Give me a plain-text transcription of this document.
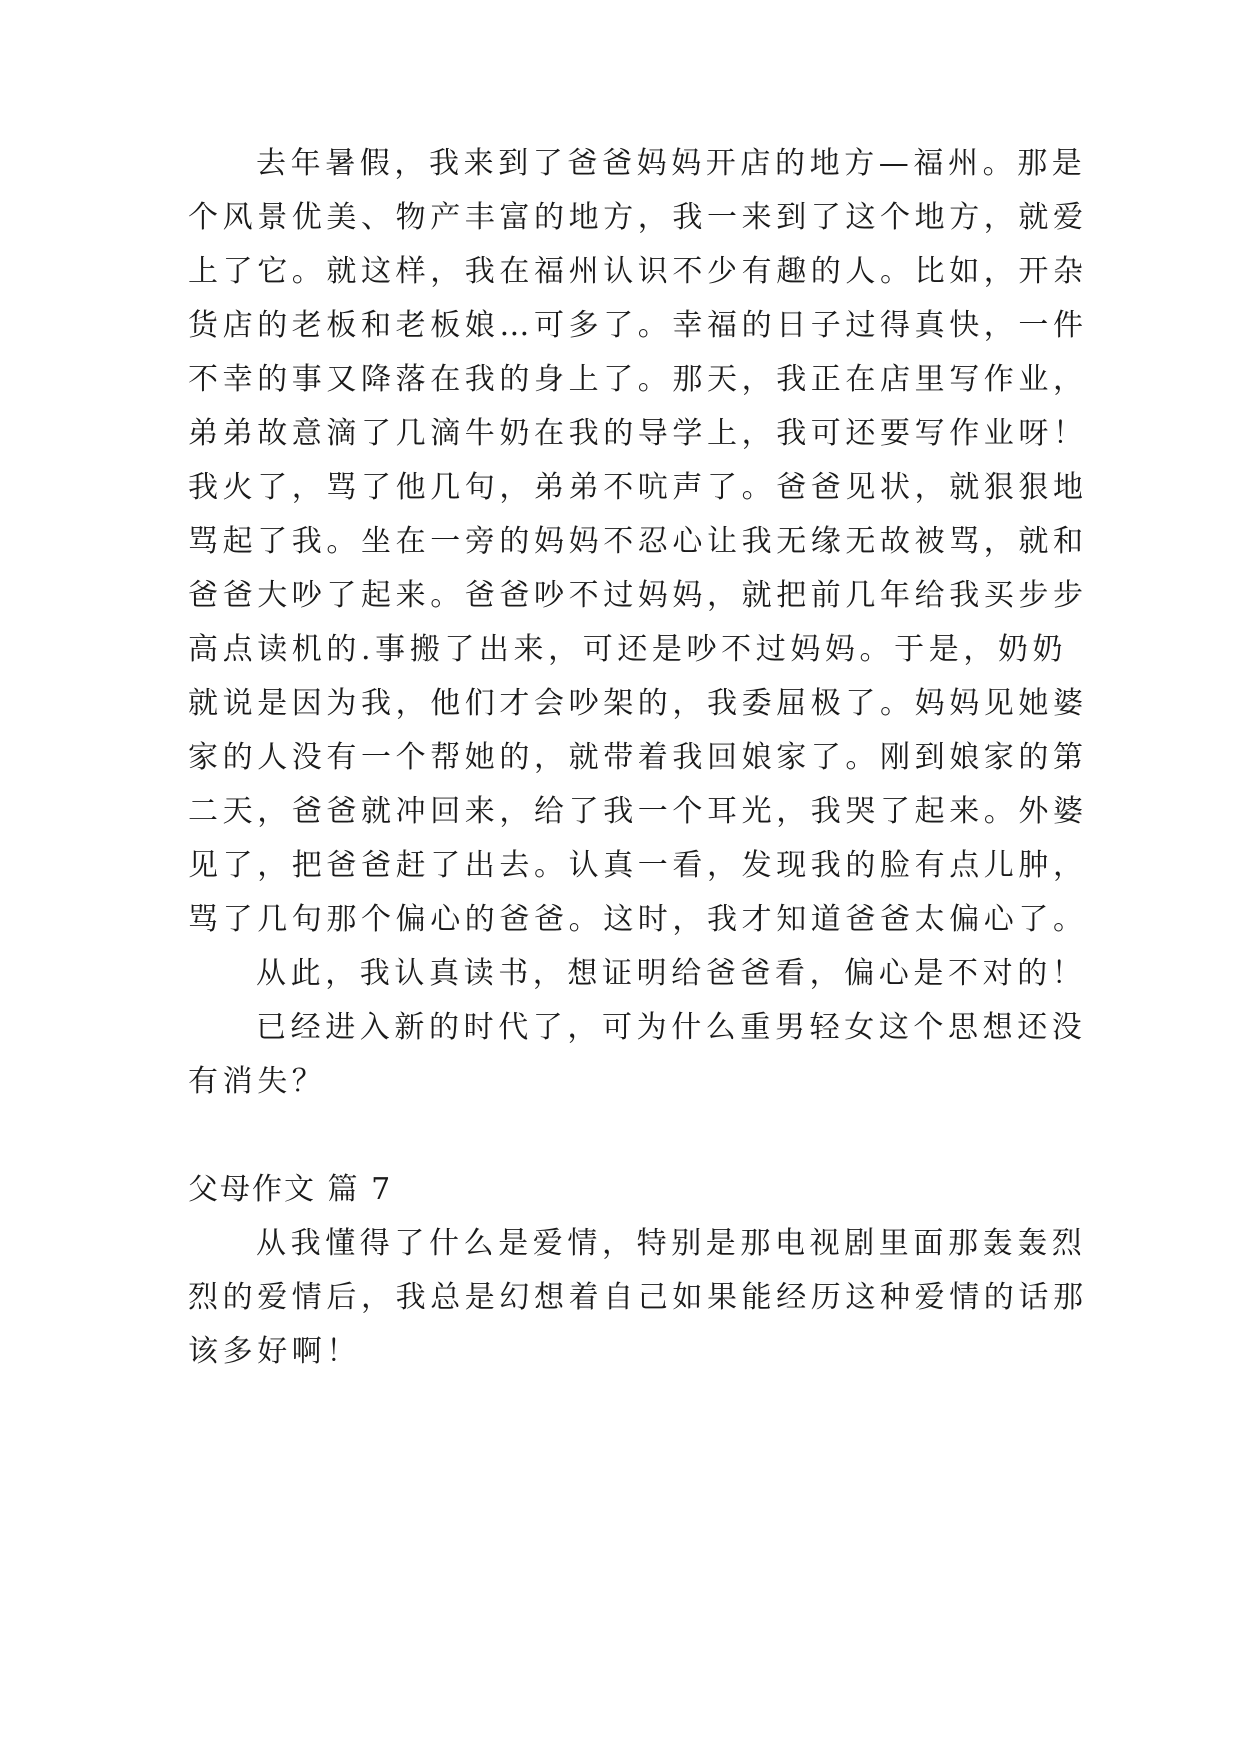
去年暑假，我来到了爸爸妈妈开店的地方—福州。那是
个风景优美、物产丰富的地方，我一来到了这个地方，就爱
上了它。就这样，我在福州认识不少有趣的人。比如，开杂
货店的老板和老板娘…可多了。幸福的日子过得真快，一件
不幸的事又降落在我的身上了。那天，我正在店里写作业，
弟弟故意滴了几滴牛奶在我的导学上，我可还要写作业呀！
我火了，骂了他几句，弟弟不吭声了。爸爸见状，就狠狠地
骂起了我。坐在一旁的妈妈不忍心让我无缘无故被骂，就和
爸爸大吵了起来。爸爸吵不过妈妈，就把前几年给我买步步
高点读机的.事搬了出来，可还是吵不过妈妈。于是，奶奶
就说是因为我，他们才会吵架的，我委屈极了。妈妈见她婆
家的人没有一个帮她的，就带着我回娘家了。刚到娘家的第
二天，爸爸就冲回来，给了我一个耳光，我哭了起来。外婆
见了，把爸爸赶了出去。认真一看，发现我的脸有点儿肿，
骂了几句那个偏心的爸爸。这时，我才知道爸爸太偏心了。
从此，我认真读书，想证明给爸爸看，偏心是不对的！
已经进入新的时代了，可为什么重男轻女这个思想还没
有消失？
父母作文 篇 7
从我懂得了什么是爱情，特别是那电视剧里面那轰轰烈
烈的爱情后，我总是幻想着自己如果能经历这种爱情的话那
该多好啊！
